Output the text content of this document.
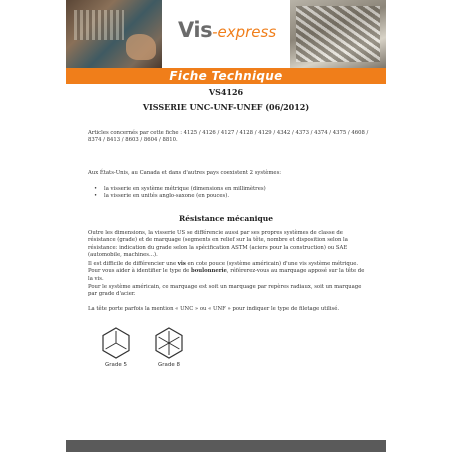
Vis-express
Fiche Technique
VS4126
VISSERIE UNC-UNF-UNEF (06/2012)

Articles concernés par cette fiche : 4125 / 4126 / 4127 / 4128 / 4129 / 4342 / 4373 / 4374 / 4375 / 4608 / 8374 / 8413 / 8603 / 8604 / 8810.

Aux États-Unis, au Canada et dans d'autres pays coexistent 2 systèmes:

• la visserie en système métrique (dimensions en millimètres)
• la visserie en unités anglo-saxone (en pouces).
Résistance mécanique

Outre les dimensions, la visserie US se différencie aussi par ses propres systèmes de classe de résistance (grade) et de marquage (segments en relief sur la tête, nombre et disposition selon la résistance: indication du grade selon la spécification ASTM (aciers pour la construction) ou SAE (automobile, machines...).

Il est difficile de différencier une vis en cote pouce (système américain) d'une vis système métrique. Pour vous aider à identifier le type de boulonnerie, référerez-vous au marquage apposé sur la tête de la vis.

Pour le système américain, ce marquage est soit un marquage par repères radiaux, soit un marquage par grade d'acier.

La tête porte parfois la mention « UNC » ou « UNF » pour indiquer le type de filetage utilisé.

Grade 5	Grade 8
